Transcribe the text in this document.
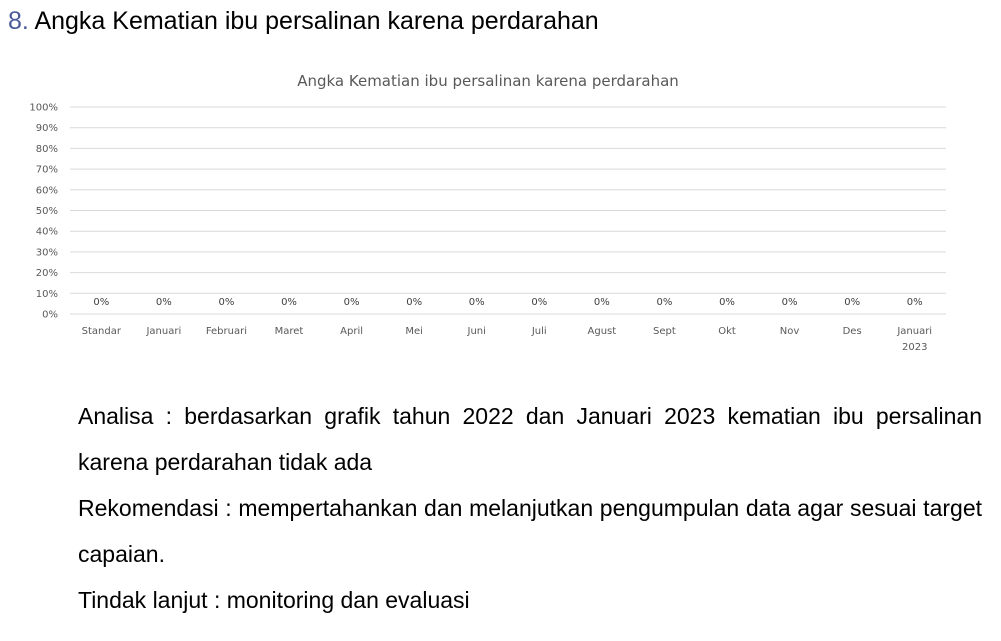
8. Angka Kematian ibu persalinan karena perdarahan
Angka Kematian ibu persalinan karena perdarahan
0%
10%
20%
30%
40%
50%
60%
70%
80%
90%
100%
0%	0%	0%	0%	0%	0%	0%	0%	0%	0%	0%	0%	0%	0%
Standar	Januari Februari	Maret	April	Mei	Juni	Juli	Agust	Sept	Okt	Nov	Des	Januari 2023

Analisa : berdasarkan grafik tahun 2022 dan Januari 2023 kematian ibu persalinan karena perdarahan tidak ada

Rekomendasi : mempertahankan dan melanjutkan pengumpulan data agar sesuai target capaian.

Tindak lanjut : monitoring dan evaluasi
